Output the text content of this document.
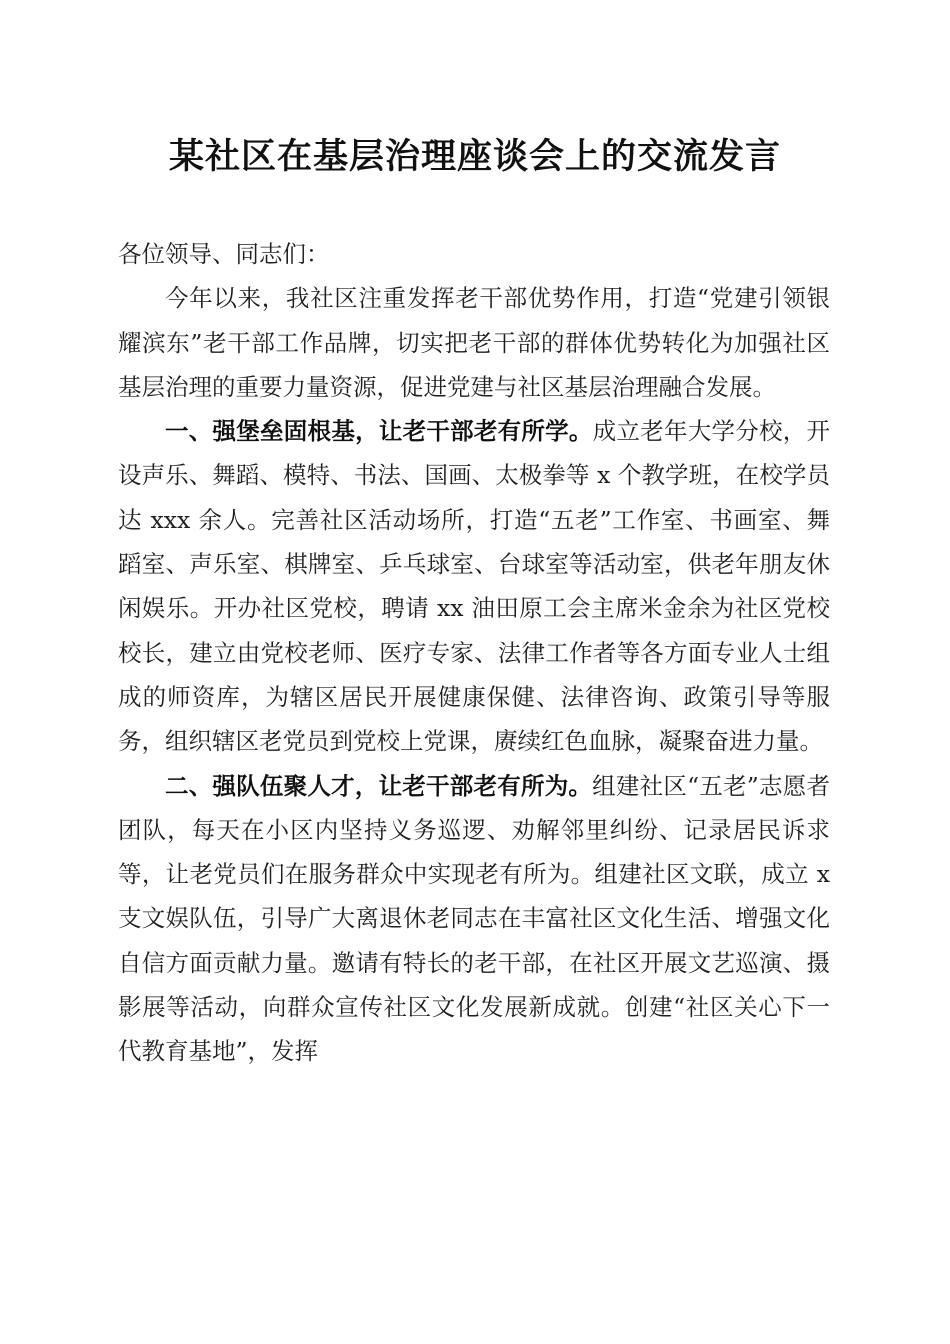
某社区在基层治理座谈会上的交流发言

各位领导、同志们：

今年以来，我社区注重发挥老干部优势作用，打造“党建引领银耀滨东”老干部工作品牌，切实把老干部的群体优势转化为加强社区基层治理的重要力量资源，促进党建与社区基层治理融合发展。

一、强堡垒固根基，让老干部老有所学。成立老年大学分校，开设声乐、舞蹈、模特、书法、国画、太极拳等 x 个教学班，在校学员达 xxx 余人。完善社区活动场所，打造“五老”工作室、书画室、舞蹈室、声乐室、棋牌室、乒乓球室、台球室等活动室，供老年朋友休闲娱乐。开办社区党校，聘请 xx 油田原工会主席米金余为社区党校校长，建立由党校老师、医疗专家、法律工作者等各方面专业人士组成的师资库，为辖区居民开展健康保健、法律咨询、政策引导等服务，组织辖区老党员到党校上党课，赓续红色血脉，凝聚奋进力量。

二、强队伍聚人才，让老干部老有所为。组建社区“五老”志愿者团队，每天在小区内坚持义务巡逻、劝解邻里纠纷、记录居民诉求等，让老党员们在服务群众中实现老有所为。组建社区文联，成立 x 支文娱队伍，引导广大离退休老同志在丰富社区文化生活、增强文化自信方面贡献力量。邀请有特长的老干部，在社区开展文艺巡演、摄影展等活动，向群众宣传社区文化发展新成就。创建“社区关心下一代教育基地”，发挥
